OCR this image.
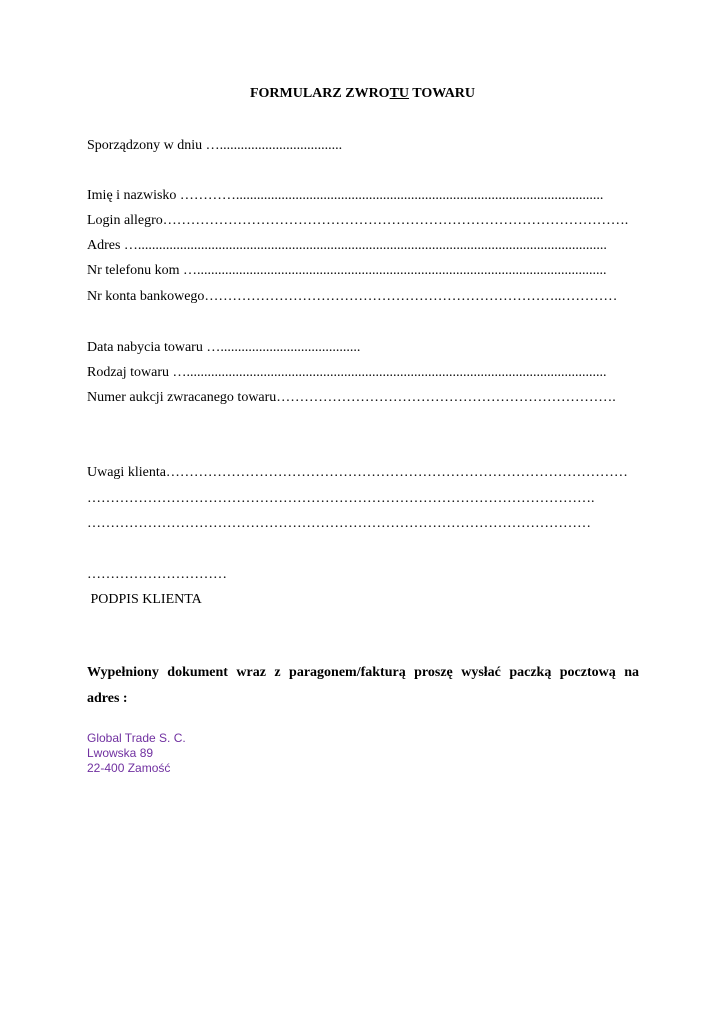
FORMULARZ ZWROTU TOWARU
Sporządzony w dniu …...................................
Imię i nazwisko ………….........................................................................................................
Login allegro……………………………………………………………………………………….
Adres …......................................................................................................................................
Nr telefonu kom ….....................................................................................................................
Nr konta bankowego…………………………………………………………………..…………
Data nabycia towaru …........................................
Rodzaj towaru …........................................................................................................................
Numer aukcji zwracanego towaru……………………………………………………………….
Uwagi klienta………………………………………………………………………………………
……………………………………………………………………………………………….
………………………………………………………………………………………………
…………………………
PODPIS KLIENTA
Wypełniony dokument wraz z paragonem/fakturą proszę wysłać paczką pocztową na
adres :
Global Trade S. C.
Lwowska 89
22-400 Zamość
